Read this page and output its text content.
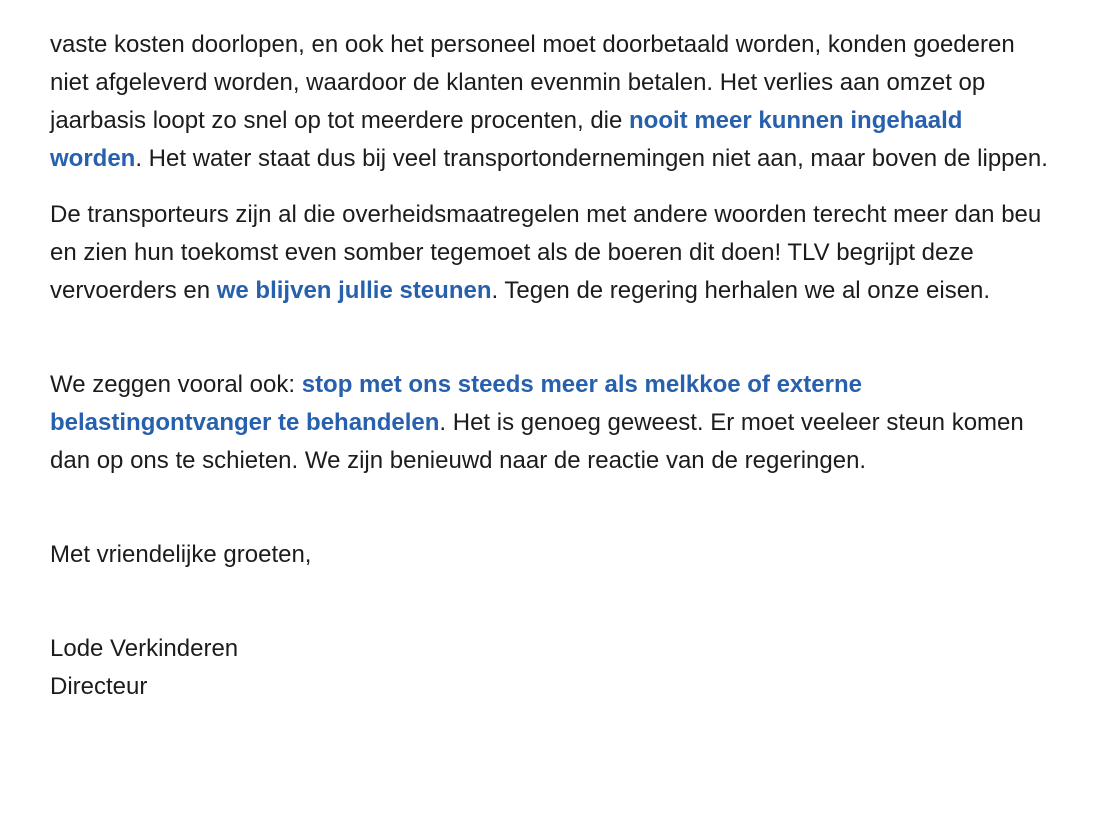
vaste kosten doorlopen, en ook het personeel moet doorbetaald worden, konden goederen niet afgeleverd worden, waardoor de klanten evenmin betalen. Het verlies aan omzet op jaarbasis loopt zo snel op tot meerdere procenten, die nooit meer kunnen ingehaald worden. Het water staat dus bij veel transportondernemingen niet aan, maar boven de lippen.

De transporteurs zijn al die overheidsmaatregelen met andere woorden terecht meer dan beu en zien hun toekomst even somber tegemoet als de boeren dit doen! TLV begrijpt deze vervoerders en we blijven jullie steunen. Tegen de regering herhalen we al onze eisen.

We zeggen vooral ook: stop met ons steeds meer als melkkoe of externe belastingontvanger te behandelen. Het is genoeg geweest. Er moet veeleer steun komen dan op ons te schieten. We zijn benieuwd naar de reactie van de regeringen.

Met vriendelijke groeten,

Lode Verkinderen

Directeur
